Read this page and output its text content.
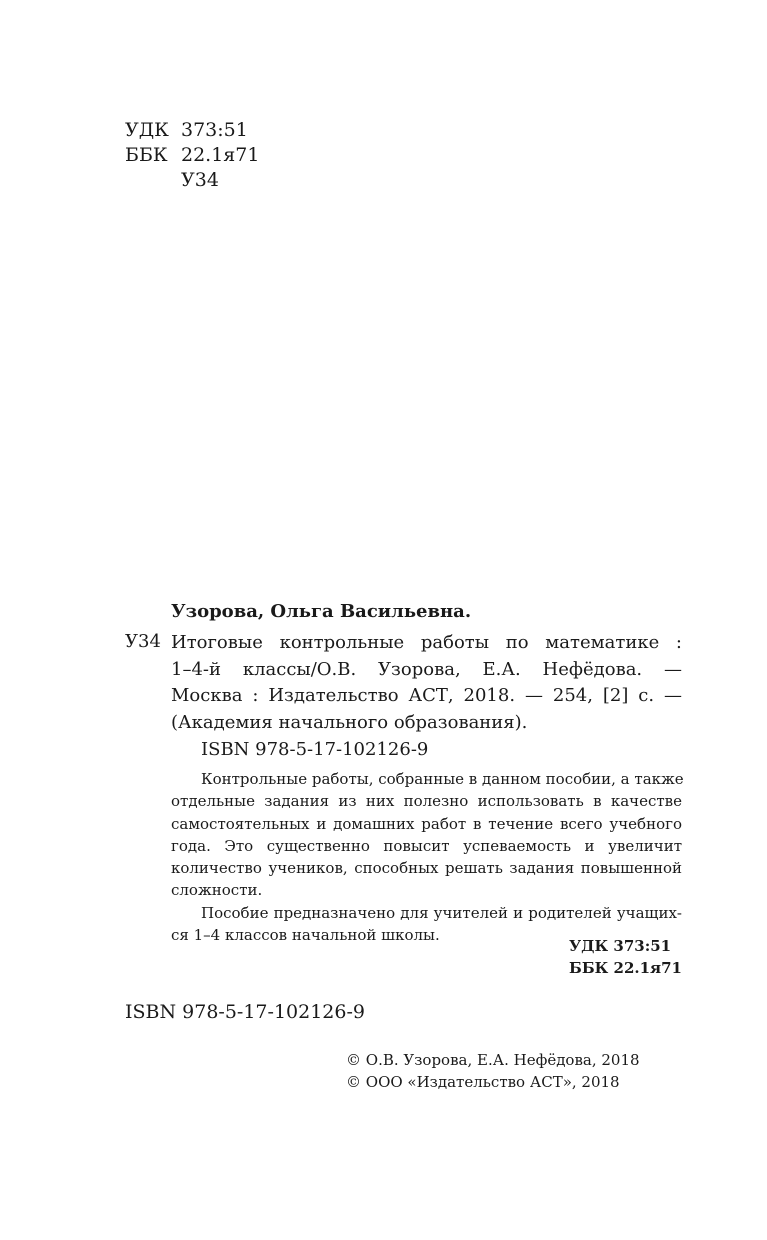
УДК 373:51
ББК 22.1я71
У34
Узорова, Ольга Васильевна.
У34 Итоговые контрольные работы по математике :
1–4-й классы/О.В. Узорова, Е.А. Нефёдова. —
Москва : Издательство АСТ, 2018. — 254, [2] с. —
(Академия начального образования).
ISBN 978-5-17-102126-9
Контрольные работы, собранные в данном пособии, а также
отдельные задания из них полезно использовать в качестве
самостоятельных и домашних работ в течение всего учебного
года. Это существенно повысит успеваемость и увеличит
количество учеников, способных решать задания повышенной
сложности.
Пособие предназначено для учителей и родителей учащих-
ся 1–4 классов начальной школы.
УДК 373:51
ББК 22.1я71
ISBN 978-5-17-102126-9
© О.В. Узорова, Е.А. Нефёдова, 2018
© ООО «Издательство АСТ», 2018
